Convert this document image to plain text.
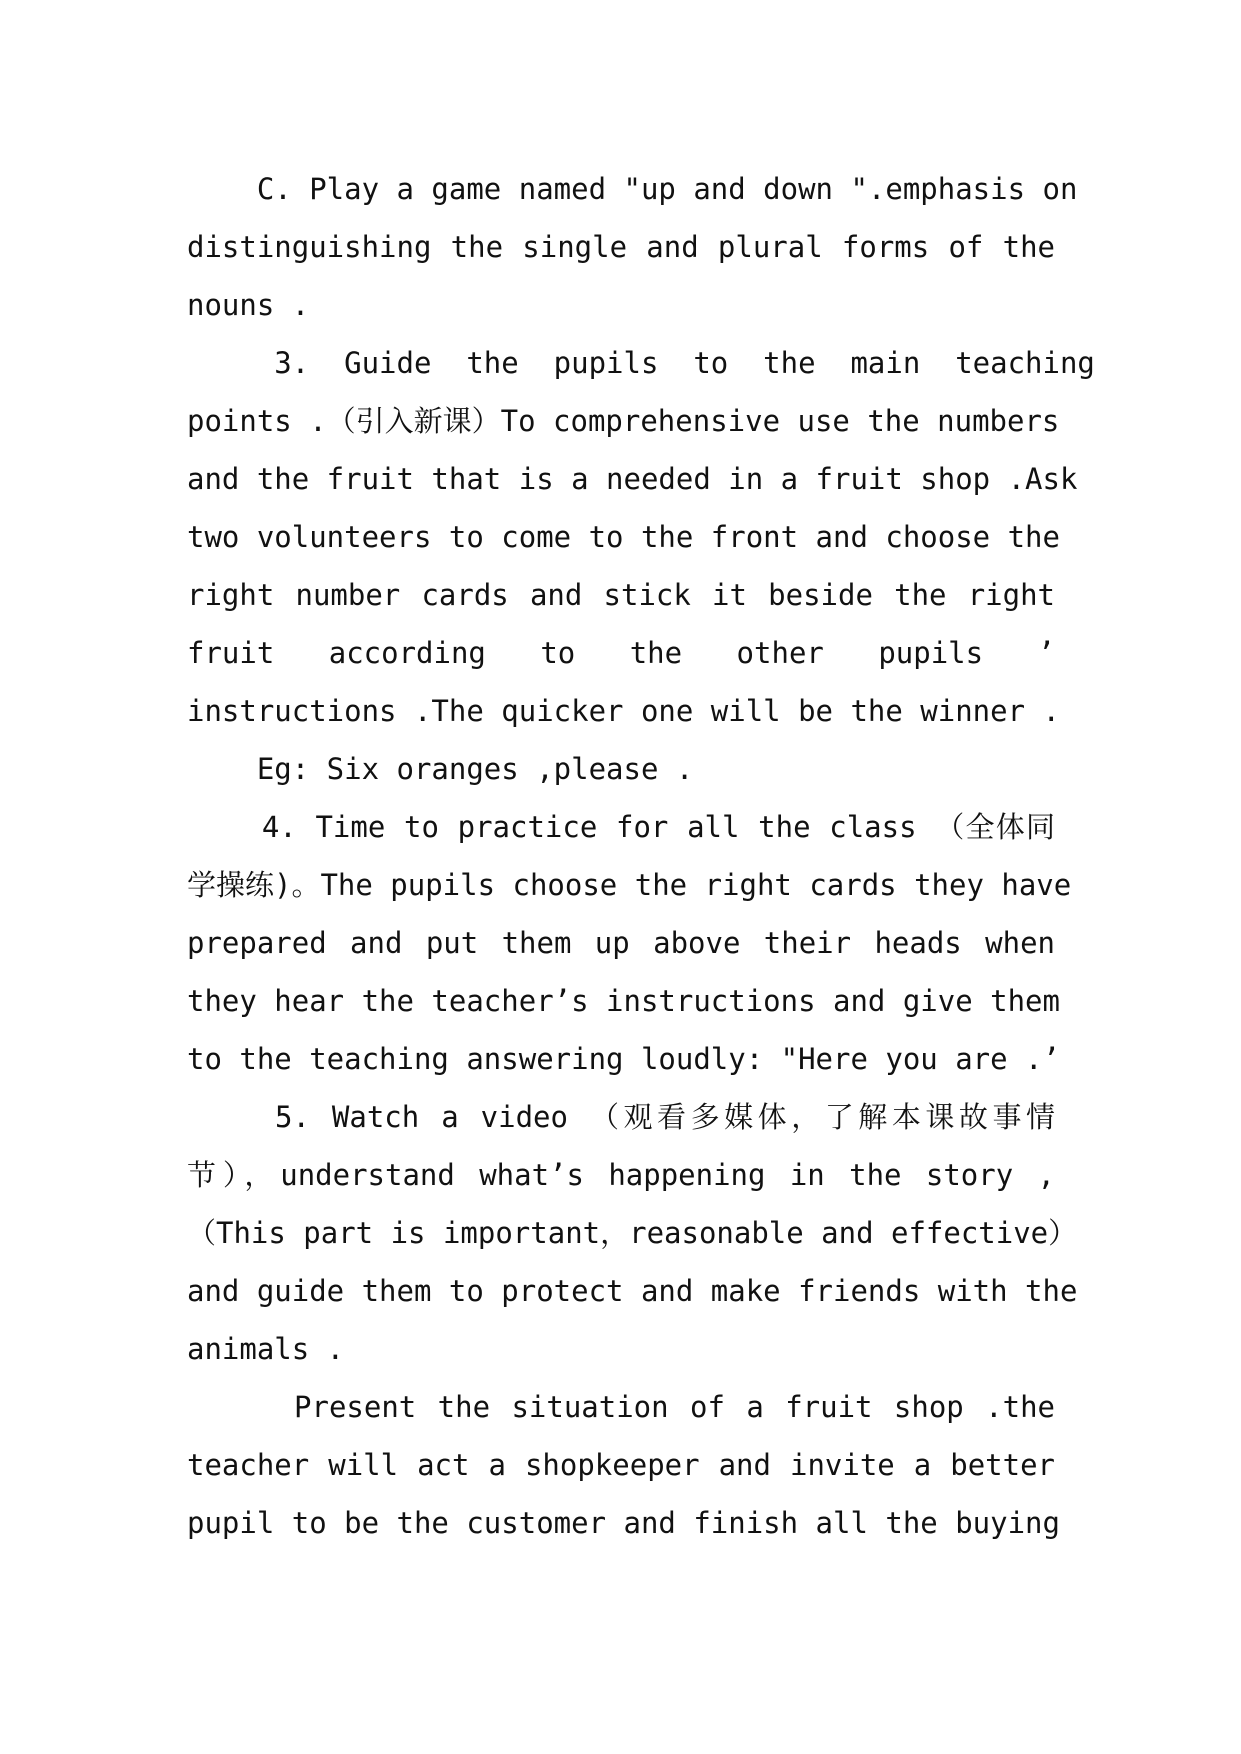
C. Play a game named "up and down ".emphasis on
distinguishing the single and plural forms of the
nouns .
3.  Guide  the  pupils  to  the  main  teaching
points .（引入新课）To comprehensive use the numbers
and the fruit that is a needed in a fruit shop .Ask
two volunteers to come to the front and choose the
right number cards and stick it beside the right
fruit  according  to  the  other  pupils  ’
instructions .The quicker one will be the winner .
Eg: Six oranges ,please .
4. Time to practice for all the class （全体同
学操练)。The pupils choose the right cards they have
prepared and put them up above their heads when
they hear the teacher’s instructions and give them
to the teaching answering loudly: "Here you are .’
5. Watch a video （观看多媒体，了解本课故事情
节），understand what’s happening in the story ,
（This part is important，reasonable and effective）
and guide them to protect and make friends with the
animals .
Present the situation of a fruit shop .the
teacher will act a shopkeeper and invite a better
pupil to be the customer and finish all the buying
